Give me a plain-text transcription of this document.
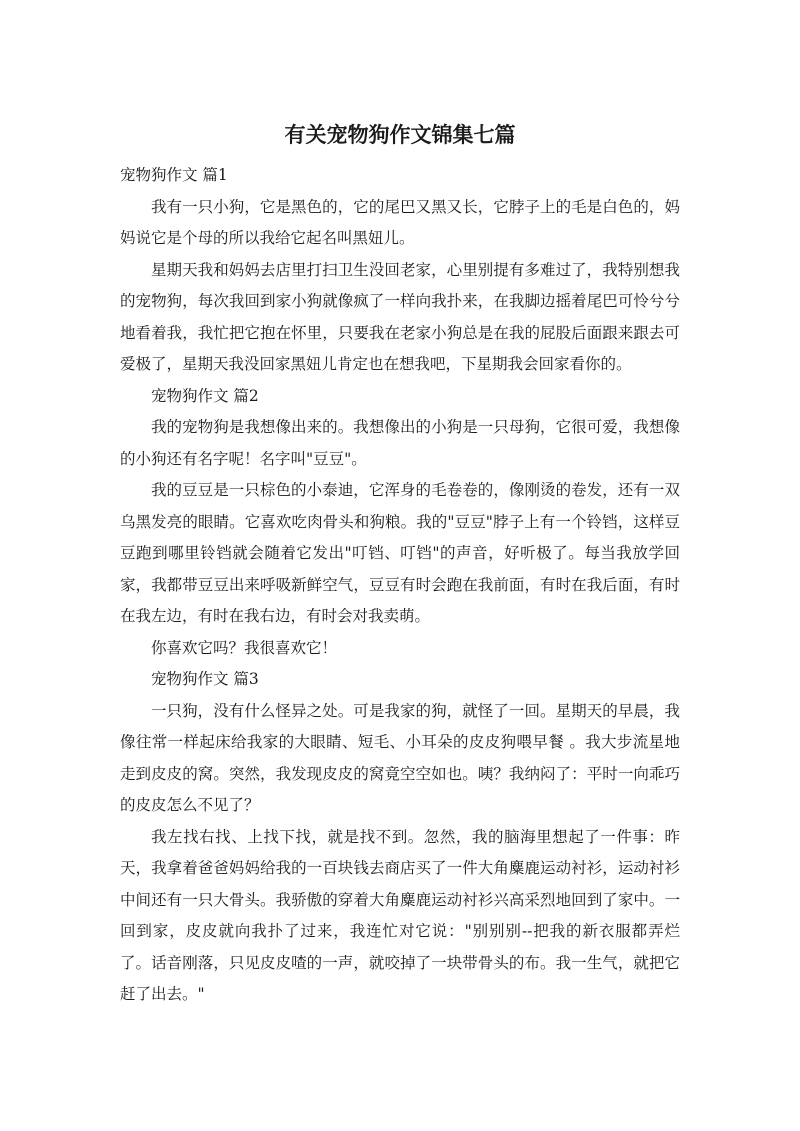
有关宠物狗作文锦集七篇

宠物狗作文 篇1

我有一只小狗，它是黑色的，它的尾巴又黑又长，它脖子上的毛是白色的，妈妈说它是个母的所以我给它起名叫黑妞儿。

星期天我和妈妈去店里打扫卫生没回老家，心里别提有多难过了，我特别想我的宠物狗，每次我回到家小狗就像疯了一样向我扑来，在我脚边摇着尾巴可怜兮兮地看着我，我忙把它抱在怀里，只要我在老家小狗总是在我的屁股后面跟来跟去可爱极了，星期天我没回家黑妞儿肯定也在想我吧，下星期我会回家看你的。

宠物狗作文 篇2

我的宠物狗是我想像出来的。我想像出的小狗是一只母狗，它很可爱，我想像的小狗还有名字呢！名字叫"豆豆"。

我的豆豆是一只棕色的小泰迪，它浑身的毛卷卷的，像刚烫的卷发，还有一双乌黑发亮的眼睛。它喜欢吃肉骨头和狗粮。我的"豆豆"脖子上有一个铃铛，这样豆豆跑到哪里铃铛就会随着它发出"叮铛、叮铛"的声音，好听极了。每当我放学回家，我都带豆豆出来呼吸新鲜空气，豆豆有时会跑在我前面，有时在我后面，有时在我左边，有时在我右边，有时会对我卖萌。

你喜欢它吗？我很喜欢它！

宠物狗作文 篇3

一只狗，没有什么怪异之处。可是我家的狗，就怪了一回。星期天的早晨，我像往常一样起床给我家的大眼睛、短毛、小耳朵的皮皮狗喂早餐 。我大步流星地走到皮皮的窝。突然，我发现皮皮的窝竟空空如也。咦？我纳闷了：平时一向乖巧的皮皮怎么不见了？

我左找右找、上找下找，就是找不到。忽然，我的脑海里想起了一件事：昨天，我拿着爸爸妈妈给我的一百块钱去商店买了一件大角麋鹿运动衬衫，运动衬衫中间还有一只大骨头。我骄傲的穿着大角麋鹿运动衬衫兴高采烈地回到了家中。一回到家，皮皮就向我扑了过来，我连忙对它说："别别别--把我的新衣服都弄烂了。话音刚落，只见皮皮喳的一声，就咬掉了一块带骨头的布。我一生气，就把它赶了出去。"
